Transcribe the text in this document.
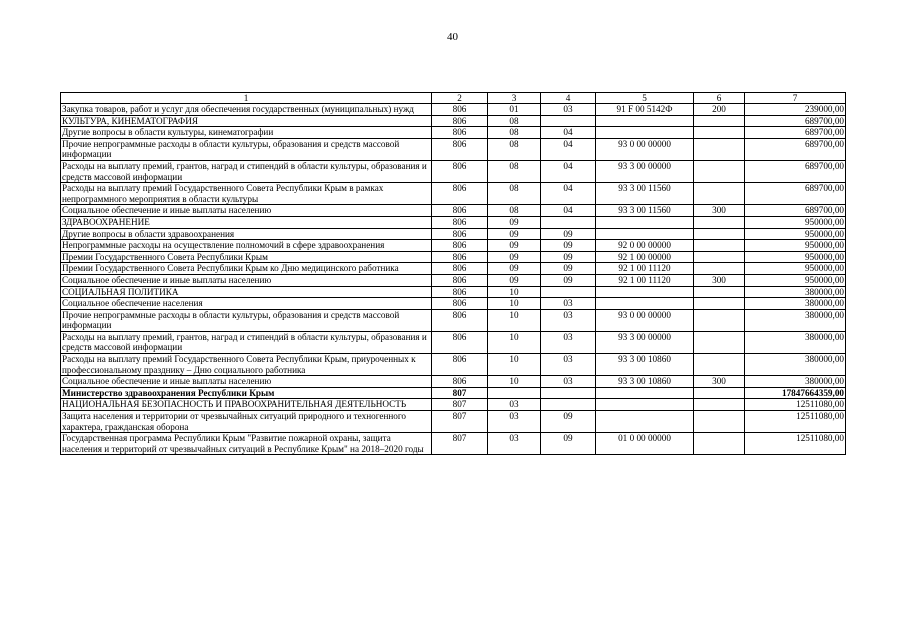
40
1	2	3	4	5	6	7
Закупка товаров, работ и услуг для обеспечения государственных (муниципальных) нужд	806	01	03	91 F 00 5142Ф	200	239000,00
КУЛЬТУРА, КИНЕМАТОГРАФИЯ	806	08				689700,00
Другие вопросы в области культуры, кинематографии	806	08	04			689700,00
Прочие непрограммные расходы в области культуры, образования и средств массовой информации	806	08	04	93 0 00 00000		689700,00
Расходы на выплату премий, грантов, наград и стипендий в области культуры, образования и средств массовой информации	806	08	04	93 3 00 00000		689700,00
Расходы на выплату премий Государственного Совета Республики Крым в рамках непрограммного мероприятия в области культуры	806	08	04	93 3 00 11560		689700,00
Социальное обеспечение и иные выплаты населению	806	08	04	93 3 00 11560	300	689700,00
ЗДРАВООХРАНЕНИЕ	806	09				950000,00
Другие вопросы в области здравоохранения	806	09	09			950000,00
Непрограммные расходы на осуществление полномочий в сфере здравоохранения	806	09	09	92 0 00 00000		950000,00
Премии Государственного Совета Республики Крым	806	09	09	92 1 00 00000		950000,00
Премии Государственного Совета Республики Крым ко Дню медицинского работника	806	09	09	92 1 00 11120		950000,00
Социальное обеспечение и иные выплаты населению	806	09	09	92 1 00 11120	300	950000,00
СОЦИАЛЬНАЯ ПОЛИТИКА	806	10				380000,00
Социальное обеспечение населения	806	10	03			380000,00
Прочие непрограммные расходы в области культуры, образования и средств массовой информации	806	10	03	93 0 00 00000		380000,00
Расходы на выплату премий, грантов, наград и стипендий в области культуры, образования и средств массовой информации	806	10	03	93 3 00 00000		380000,00
Расходы на выплату премий Государственного Совета Республики Крым, приуроченных к профессиональному празднику – Дню социального работника	806	10	03	93 3 00 10860		380000,00
Социальное обеспечение и иные выплаты населению	806	10	03	93 3 00 10860	300	380000,00
Министерство здравоохранения Республики Крым	807					17847664359,00
НАЦИОНАЛЬНАЯ БЕЗОПАСНОСТЬ И ПРАВООХРАНИТЕЛЬНАЯ ДЕЯТЕЛЬНОСТЬ	807	03				12511080,00
Защита населения и территории от чрезвычайных ситуаций природного и техногенного характера, гражданская оборона	807	03	09			12511080,00
Государственная программа Республики Крым "Развитие пожарной охраны, защита населения и территорий от чрезвычайных ситуаций в Республике Крым" на 2018–2020 годы	807	03	09	01 0 00 00000		12511080,00
